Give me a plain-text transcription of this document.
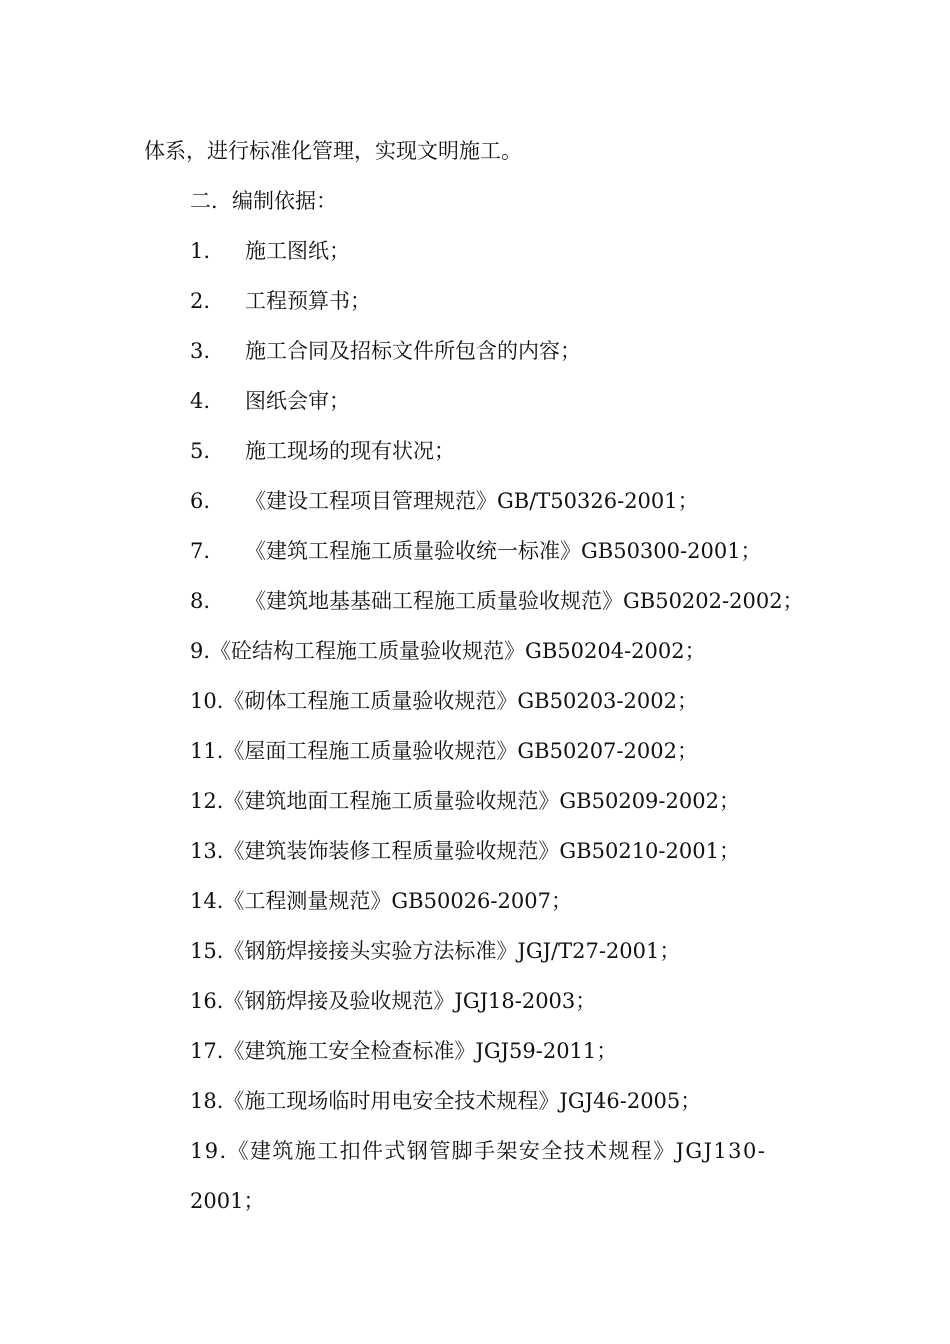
体系，进行标准化管理，实现文明施工。
二．编制依据：
1. 施工图纸；
2. 工程预算书；
3. 施工合同及招标文件所包含的内容；
4. 图纸会审；
5. 施工现场的现有状况；
6. 《建设工程项目管理规范》GB/T50326-2001；
7. 《建筑工程施工质量验收统一标准》GB50300-2001；
8. 《建筑地基基础工程施工质量验收规范》GB50202-2002；
9.《砼结构工程施工质量验收规范》GB50204-2002；
10.《砌体工程施工质量验收规范》GB50203-2002；
11.《屋面工程施工质量验收规范》GB50207-2002；
12.《建筑地面工程施工质量验收规范》GB50209-2002；
13.《建筑装饰装修工程质量验收规范》GB50210-2001；
14.《工程测量规范》GB50026-2007；
15.《钢筋焊接接头实验方法标准》JGJ/T27-2001；
16.《钢筋焊接及验收规范》JGJ18-2003；
17.《建筑施工安全检查标准》JGJ59-2011；
18.《施工现场临时用电安全技术规程》JGJ46-2005；
19.《建筑施工扣件式钢管脚手架安全技术规程》JGJ130-
2001；
